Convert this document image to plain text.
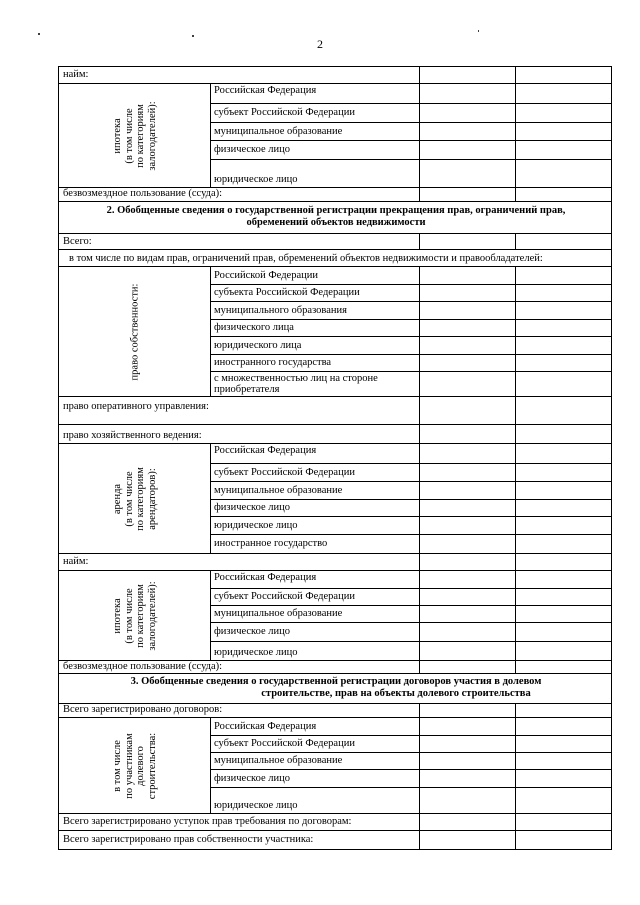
2
найм:
ипотека (в том числе по категориям залогодателей):
Российская Федерация
субъект Российской Федерации
муниципальное образование
физическое лицо
юридическое лицо
безвозмездное пользование (ссуда):
2. Обобщенные сведения о государственной регистрации прекращения прав, ограничений прав,
обременений объектов недвижимости
Всего:
в том числе по видам прав, ограничений прав, обременений объектов недвижимости и правообладателей:
право собственности:
Российской Федерации
субъекта Российской Федерации
муниципального образования
физического лица
юридического лица
иностранного государства
с множественностью лиц на стороне приобретателя
право оперативного управления:
право хозяйственного ведения:
аренда (в том числе по категориям арендаторов):
Российская Федерация
субъект Российской Федерации
муниципальное образование
физическое лицо
юридическое лицо
иностранное государство
найм:
ипотека (в том числе по категориям залогодателей):
Российская Федерация
субъект Российской Федерации
муниципальное образование
физическое лицо
юридическое лицо
безвозмездное пользование (ссуда):
3. Обобщенные сведения о государственной регистрации договоров участия в долевом
строительстве, прав на объекты долевого строительства
Всего зарегистрировано договоров:
в том числе по участникам долевого строительства:
Российская Федерация
субъект Российской Федерации
муниципальное образование
физическое лицо
юридическое лицо
Всего зарегистрировано уступок прав требования по договорам:
Всего зарегистрировано прав собственности участника:
